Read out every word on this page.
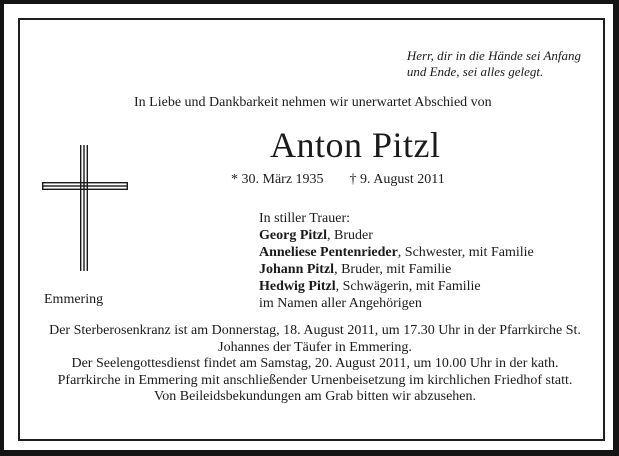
Herr, dir in die Hände sei Anfang
und Ende, sei alles gelegt.
In Liebe und Dankbarkeit nehmen wir unerwartet Abschied von
Anton Pitzl
* 30. März 1935 † 9. August 2011
In stiller Trauer:
Georg Pitzl, Bruder
Anneliese Pentenrieder, Schwester, mit Familie
Johann Pitzl, Bruder, mit Familie
Hedwig Pitzl, Schwägerin, mit Familie
im Namen aller Angehörigen
Emmering
Der Sterberosenkranz ist am Donnerstag, 18. August 2011, um 17.30 Uhr in der Pfarrkirche St. Johannes der Täufer in Emmering.
Der Seelengottesdienst findet am Samstag, 20. August 2011, um 10.00 Uhr in der kath. Pfarrkirche in Emmering mit anschließender Urnenbeisetzung im kirchlichen Friedhof statt.
Von Beileidsbekundungen am Grab bitten wir abzusehen.
